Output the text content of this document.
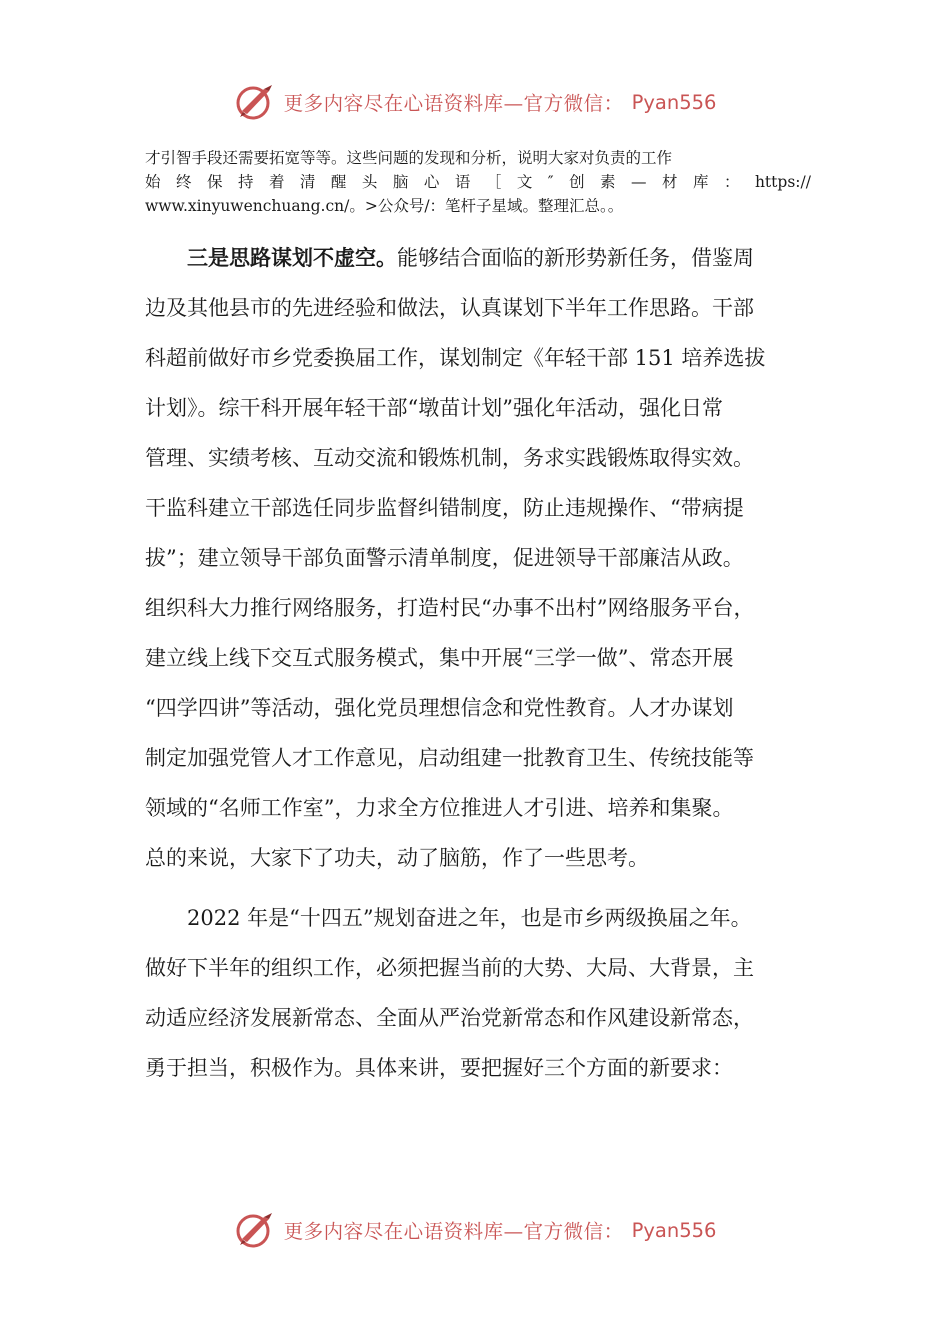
更多内容尽在心语资料库—官方微信： Pyan556
才引智手段还需要拓宽等等。这些问题的发现和分析，说明大家对负责的工作
始 终 保 持 着 清 醒 头 脑 心 语 ［ 文 ″ 创 素 — 材 库 ： https://
www.xinyuwenchuang.cn/。>公众号/：笔杆子星域。整理汇总。。
三是思路谋划不虚空。能够结合面临的新形势新任务，借鉴周
边及其他县市的先进经验和做法，认真谋划下半年工作思路。干部
科超前做好市乡党委换届工作，谋划制定《年轻干部 151 培养选拔
计划》。综干科开展年轻干部“墩苗计划”强化年活动，强化日常
管理、实绩考核、互动交流和锻炼机制，务求实践锻炼取得实效。
干监科建立干部选任同步监督纠错制度，防止违规操作、“带病提
拔”；建立领导干部负面警示清单制度，促进领导干部廉洁从政。
组织科大力推行网络服务，打造村民“办事不出村”网络服务平台，
建立线上线下交互式服务模式，集中开展“三学一做”、常态开展
“四学四讲”等活动，强化党员理想信念和党性教育。人才办谋划
制定加强党管人才工作意见，启动组建一批教育卫生、传统技能等
领域的“名师工作室”，力求全方位推进人才引进、培养和集聚。
总的来说，大家下了功夫，动了脑筋，作了一些思考。
2022 年是“十四五”规划奋进之年，也是市乡两级换届之年。
做好下半年的组织工作，必须把握当前的大势、大局、大背景，主
动适应经济发展新常态、全面从严治党新常态和作风建设新常态，
勇于担当，积极作为。具体来讲，要把握好三个方面的新要求：
更多内容尽在心语资料库—官方微信： Pyan556
